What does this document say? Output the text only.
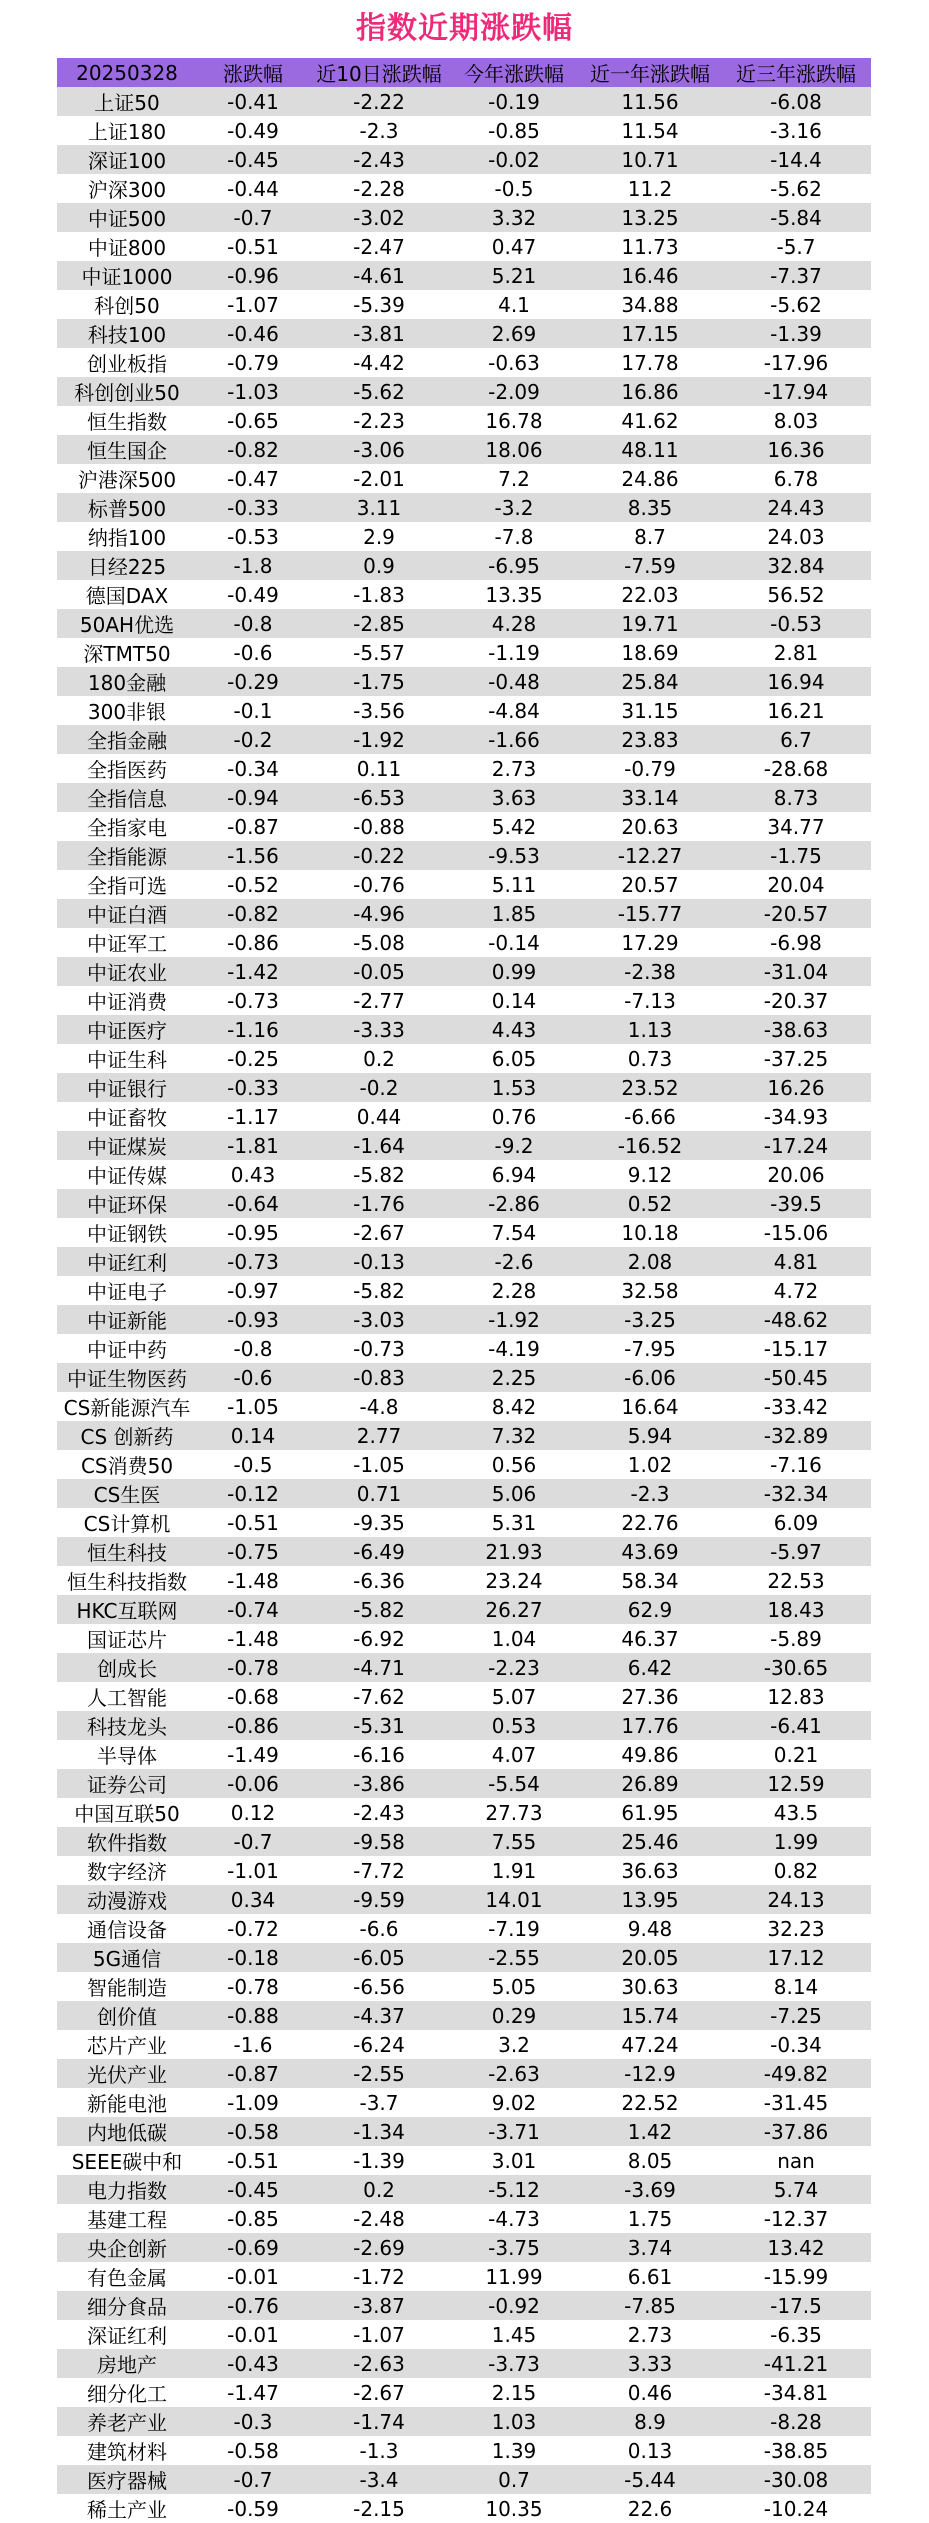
指数近期涨跌幅
20250328	涨跌幅	近10日涨跌幅	今年涨跌幅	近一年涨跌幅	近三年涨跌幅
上证50	-0.41	-2.22	-0.19	11.56	-6.08
上证180	-0.49	-2.3	-0.85	11.54	-3.16
深证100	-0.45	-2.43	-0.02	10.71	-14.4
沪深300	-0.44	-2.28	-0.5	11.2	-5.62
中证500	-0.7	-3.02	3.32	13.25	-5.84
中证800	-0.51	-2.47	0.47	11.73	-5.7
中证1000	-0.96	-4.61	5.21	16.46	-7.37
科创50	-1.07	-5.39	4.1	34.88	-5.62
科技100	-0.46	-3.81	2.69	17.15	-1.39
创业板指	-0.79	-4.42	-0.63	17.78	-17.96
科创创业50	-1.03	-5.62	-2.09	16.86	-17.94
恒生指数	-0.65	-2.23	16.78	41.62	8.03
恒生国企	-0.82	-3.06	18.06	48.11	16.36
沪港深500	-0.47	-2.01	7.2	24.86	6.78
标普500	-0.33	3.11	-3.2	8.35	24.43
纳指100	-0.53	2.9	-7.8	8.7	24.03
日经225	-1.8	0.9	-6.95	-7.59	32.84
德国DAX	-0.49	-1.83	13.35	22.03	56.52
50AH优选	-0.8	-2.85	4.28	19.71	-0.53
深TMT50	-0.6	-5.57	-1.19	18.69	2.81
180金融	-0.29	-1.75	-0.48	25.84	16.94
300非银	-0.1	-3.56	-4.84	31.15	16.21
全指金融	-0.2	-1.92	-1.66	23.83	6.7
全指医药	-0.34	0.11	2.73	-0.79	-28.68
全指信息	-0.94	-6.53	3.63	33.14	8.73
全指家电	-0.87	-0.88	5.42	20.63	34.77
全指能源	-1.56	-0.22	-9.53	-12.27	-1.75
全指可选	-0.52	-0.76	5.11	20.57	20.04
中证白酒	-0.82	-4.96	1.85	-15.77	-20.57
中证军工	-0.86	-5.08	-0.14	17.29	-6.98
中证农业	-1.42	-0.05	0.99	-2.38	-31.04
中证消费	-0.73	-2.77	0.14	-7.13	-20.37
中证医疗	-1.16	-3.33	4.43	1.13	-38.63
中证生科	-0.25	0.2	6.05	0.73	-37.25
中证银行	-0.33	-0.2	1.53	23.52	16.26
中证畜牧	-1.17	0.44	0.76	-6.66	-34.93
中证煤炭	-1.81	-1.64	-9.2	-16.52	-17.24
中证传媒	0.43	-5.82	6.94	9.12	20.06
中证环保	-0.64	-1.76	-2.86	0.52	-39.5
中证钢铁	-0.95	-2.67	7.54	10.18	-15.06
中证红利	-0.73	-0.13	-2.6	2.08	4.81
中证电子	-0.97	-5.82	2.28	32.58	4.72
中证新能	-0.93	-3.03	-1.92	-3.25	-48.62
中证中药	-0.8	-0.73	-4.19	-7.95	-15.17
中证生物医药	-0.6	-0.83	2.25	-6.06	-50.45
CS新能源汽车	-1.05	-4.8	8.42	16.64	-33.42
CS 创新药	0.14	2.77	7.32	5.94	-32.89
CS消费50	-0.5	-1.05	0.56	1.02	-7.16
CS生医	-0.12	0.71	5.06	-2.3	-32.34
CS计算机	-0.51	-9.35	5.31	22.76	6.09
恒生科技	-0.75	-6.49	21.93	43.69	-5.97
恒生科技指数	-1.48	-6.36	23.24	58.34	22.53
HKC互联网	-0.74	-5.82	26.27	62.9	18.43
国证芯片	-1.48	-6.92	1.04	46.37	-5.89
创成长	-0.78	-4.71	-2.23	6.42	-30.65
人工智能	-0.68	-7.62	5.07	27.36	12.83
科技龙头	-0.86	-5.31	0.53	17.76	-6.41
半导体	-1.49	-6.16	4.07	49.86	0.21
证券公司	-0.06	-3.86	-5.54	26.89	12.59
中国互联50	0.12	-2.43	27.73	61.95	43.5
软件指数	-0.7	-9.58	7.55	25.46	1.99
数字经济	-1.01	-7.72	1.91	36.63	0.82
动漫游戏	0.34	-9.59	14.01	13.95	24.13
通信设备	-0.72	-6.6	-7.19	9.48	32.23
5G通信	-0.18	-6.05	-2.55	20.05	17.12
智能制造	-0.78	-6.56	5.05	30.63	8.14
创价值	-0.88	-4.37	0.29	15.74	-7.25
芯片产业	-1.6	-6.24	3.2	47.24	-0.34
光伏产业	-0.87	-2.55	-2.63	-12.9	-49.82
新能电池	-1.09	-3.7	9.02	22.52	-31.45
内地低碳	-0.58	-1.34	-3.71	1.42	-37.86
SEEE碳中和	-0.51	-1.39	3.01	8.05	nan
电力指数	-0.45	0.2	-5.12	-3.69	5.74
基建工程	-0.85	-2.48	-4.73	1.75	-12.37
央企创新	-0.69	-2.69	-3.75	3.74	13.42
有色金属	-0.01	-1.72	11.99	6.61	-15.99
细分食品	-0.76	-3.87	-0.92	-7.85	-17.5
深证红利	-0.01	-1.07	1.45	2.73	-6.35
房地产	-0.43	-2.63	-3.73	3.33	-41.21
细分化工	-1.47	-2.67	2.15	0.46	-34.81
养老产业	-0.3	-1.74	1.03	8.9	-8.28
建筑材料	-0.58	-1.3	1.39	0.13	-38.85
医疗器械	-0.7	-3.4	0.7	-5.44	-30.08
稀土产业	-0.59	-2.15	10.35	22.6	-10.24
